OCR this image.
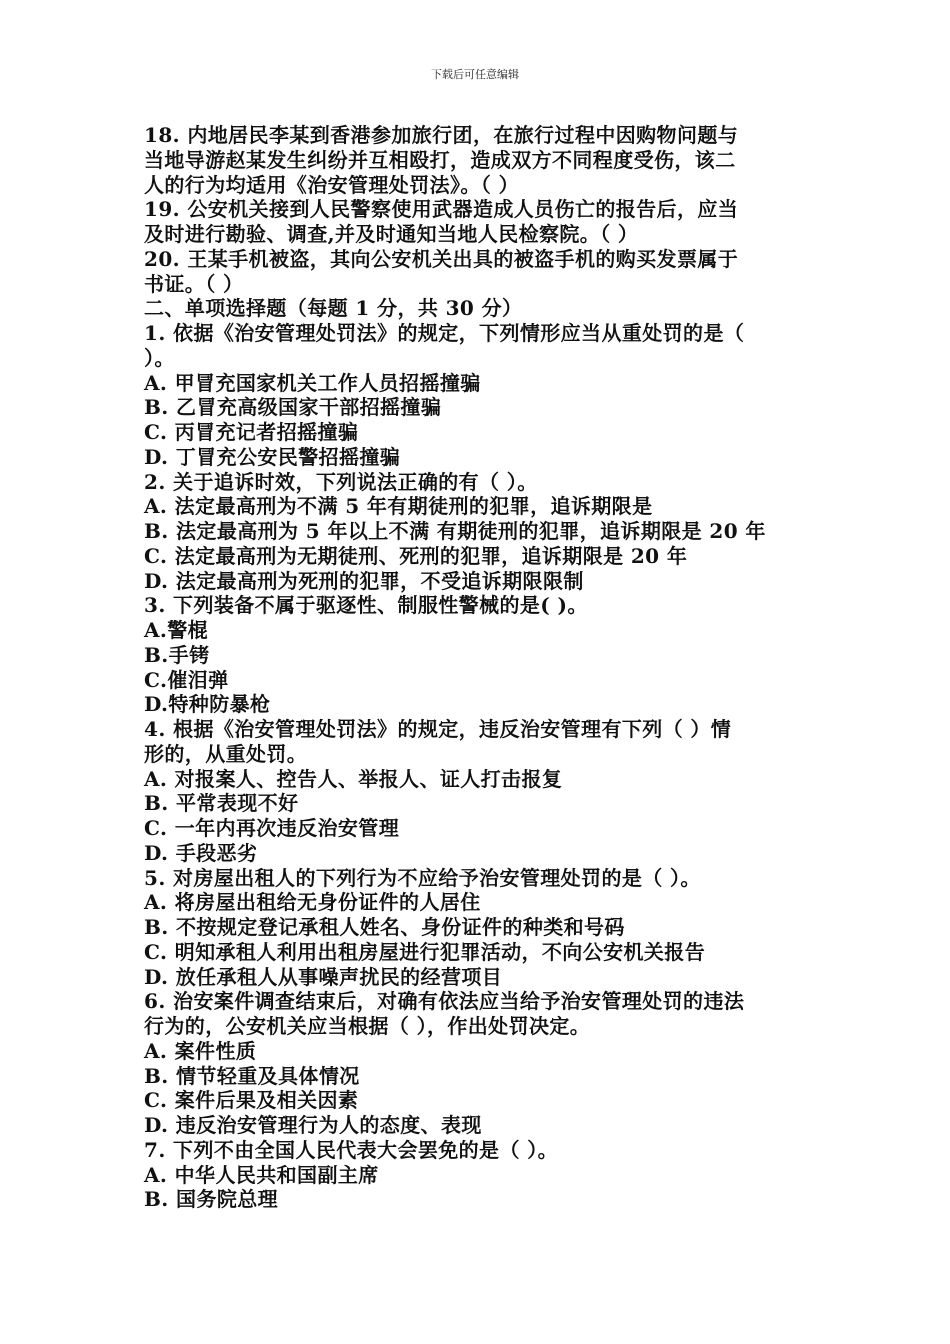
下载后可任意编辑
18. 内地居民李某到香港参加旅行团，在旅行过程中因购物问题与
当地导游赵某发生纠纷并互相殴打，造成双方不同程度受伤，该二
人的行为均适用《治安管理处罚法》。（ ）
19. 公安机关接到人民警察使用武器造成人员伤亡的报告后，应当
及时进行勘验、调查,并及时通知当地人民检察院。（ ）
20. 王某手机被盗，其向公安机关出具的被盗手机的购买发票属于
书证。（ ）
二、单项选择题（每题 1 分，共 30 分）
1. 依据《治安管理处罚法》的规定，下列情形应当从重处罚的是（
）。
A. 甲冒充国家机关工作人员招摇撞骗
B. 乙冒充高级国家干部招摇撞骗
C. 丙冒充记者招摇撞骗
D. 丁冒充公安民警招摇撞骗
2. 关于追诉时效，下列说法正确的有（ ）。
A. 法定最高刑为不满 5 年有期徒刑的犯罪，追诉期限是
B. 法定最高刑为 5 年以上不满 有期徒刑的犯罪，追诉期限是 20 年
C. 法定最高刑为无期徒刑、死刑的犯罪，追诉期限是 20 年
D. 法定最高刑为死刑的犯罪，不受追诉期限限制
3. 下列装备不属于驱逐性、制服性警械的是( )。
A.警棍
B.手铐
C.催泪弹
D.特种防暴枪
4. 根据《治安管理处罚法》的规定，违反治安管理有下列（ ）情
形的，从重处罚。
A. 对报案人、控告人、举报人、证人打击报复
B. 平常表现不好
C. 一年内再次违反治安管理
D. 手段恶劣
5. 对房屋出租人的下列行为不应给予治安管理处罚的是（ ）。
A. 将房屋出租给无身份证件的人居住
B. 不按规定登记承租人姓名、身份证件的种类和号码
C. 明知承租人利用出租房屋进行犯罪活动，不向公安机关报告
D. 放任承租人从事噪声扰民的经营项目
6. 治安案件调查结束后，对确有依法应当给予治安管理处罚的违法
行为的，公安机关应当根据（ ），作出处罚决定。
A. 案件性质
B. 情节轻重及具体情况
C. 案件后果及相关因素
D. 违反治安管理行为人的态度、表现
7. 下列不由全国人民代表大会罢免的是（ ）。
A. 中华人民共和国副主席
B. 国务院总理
